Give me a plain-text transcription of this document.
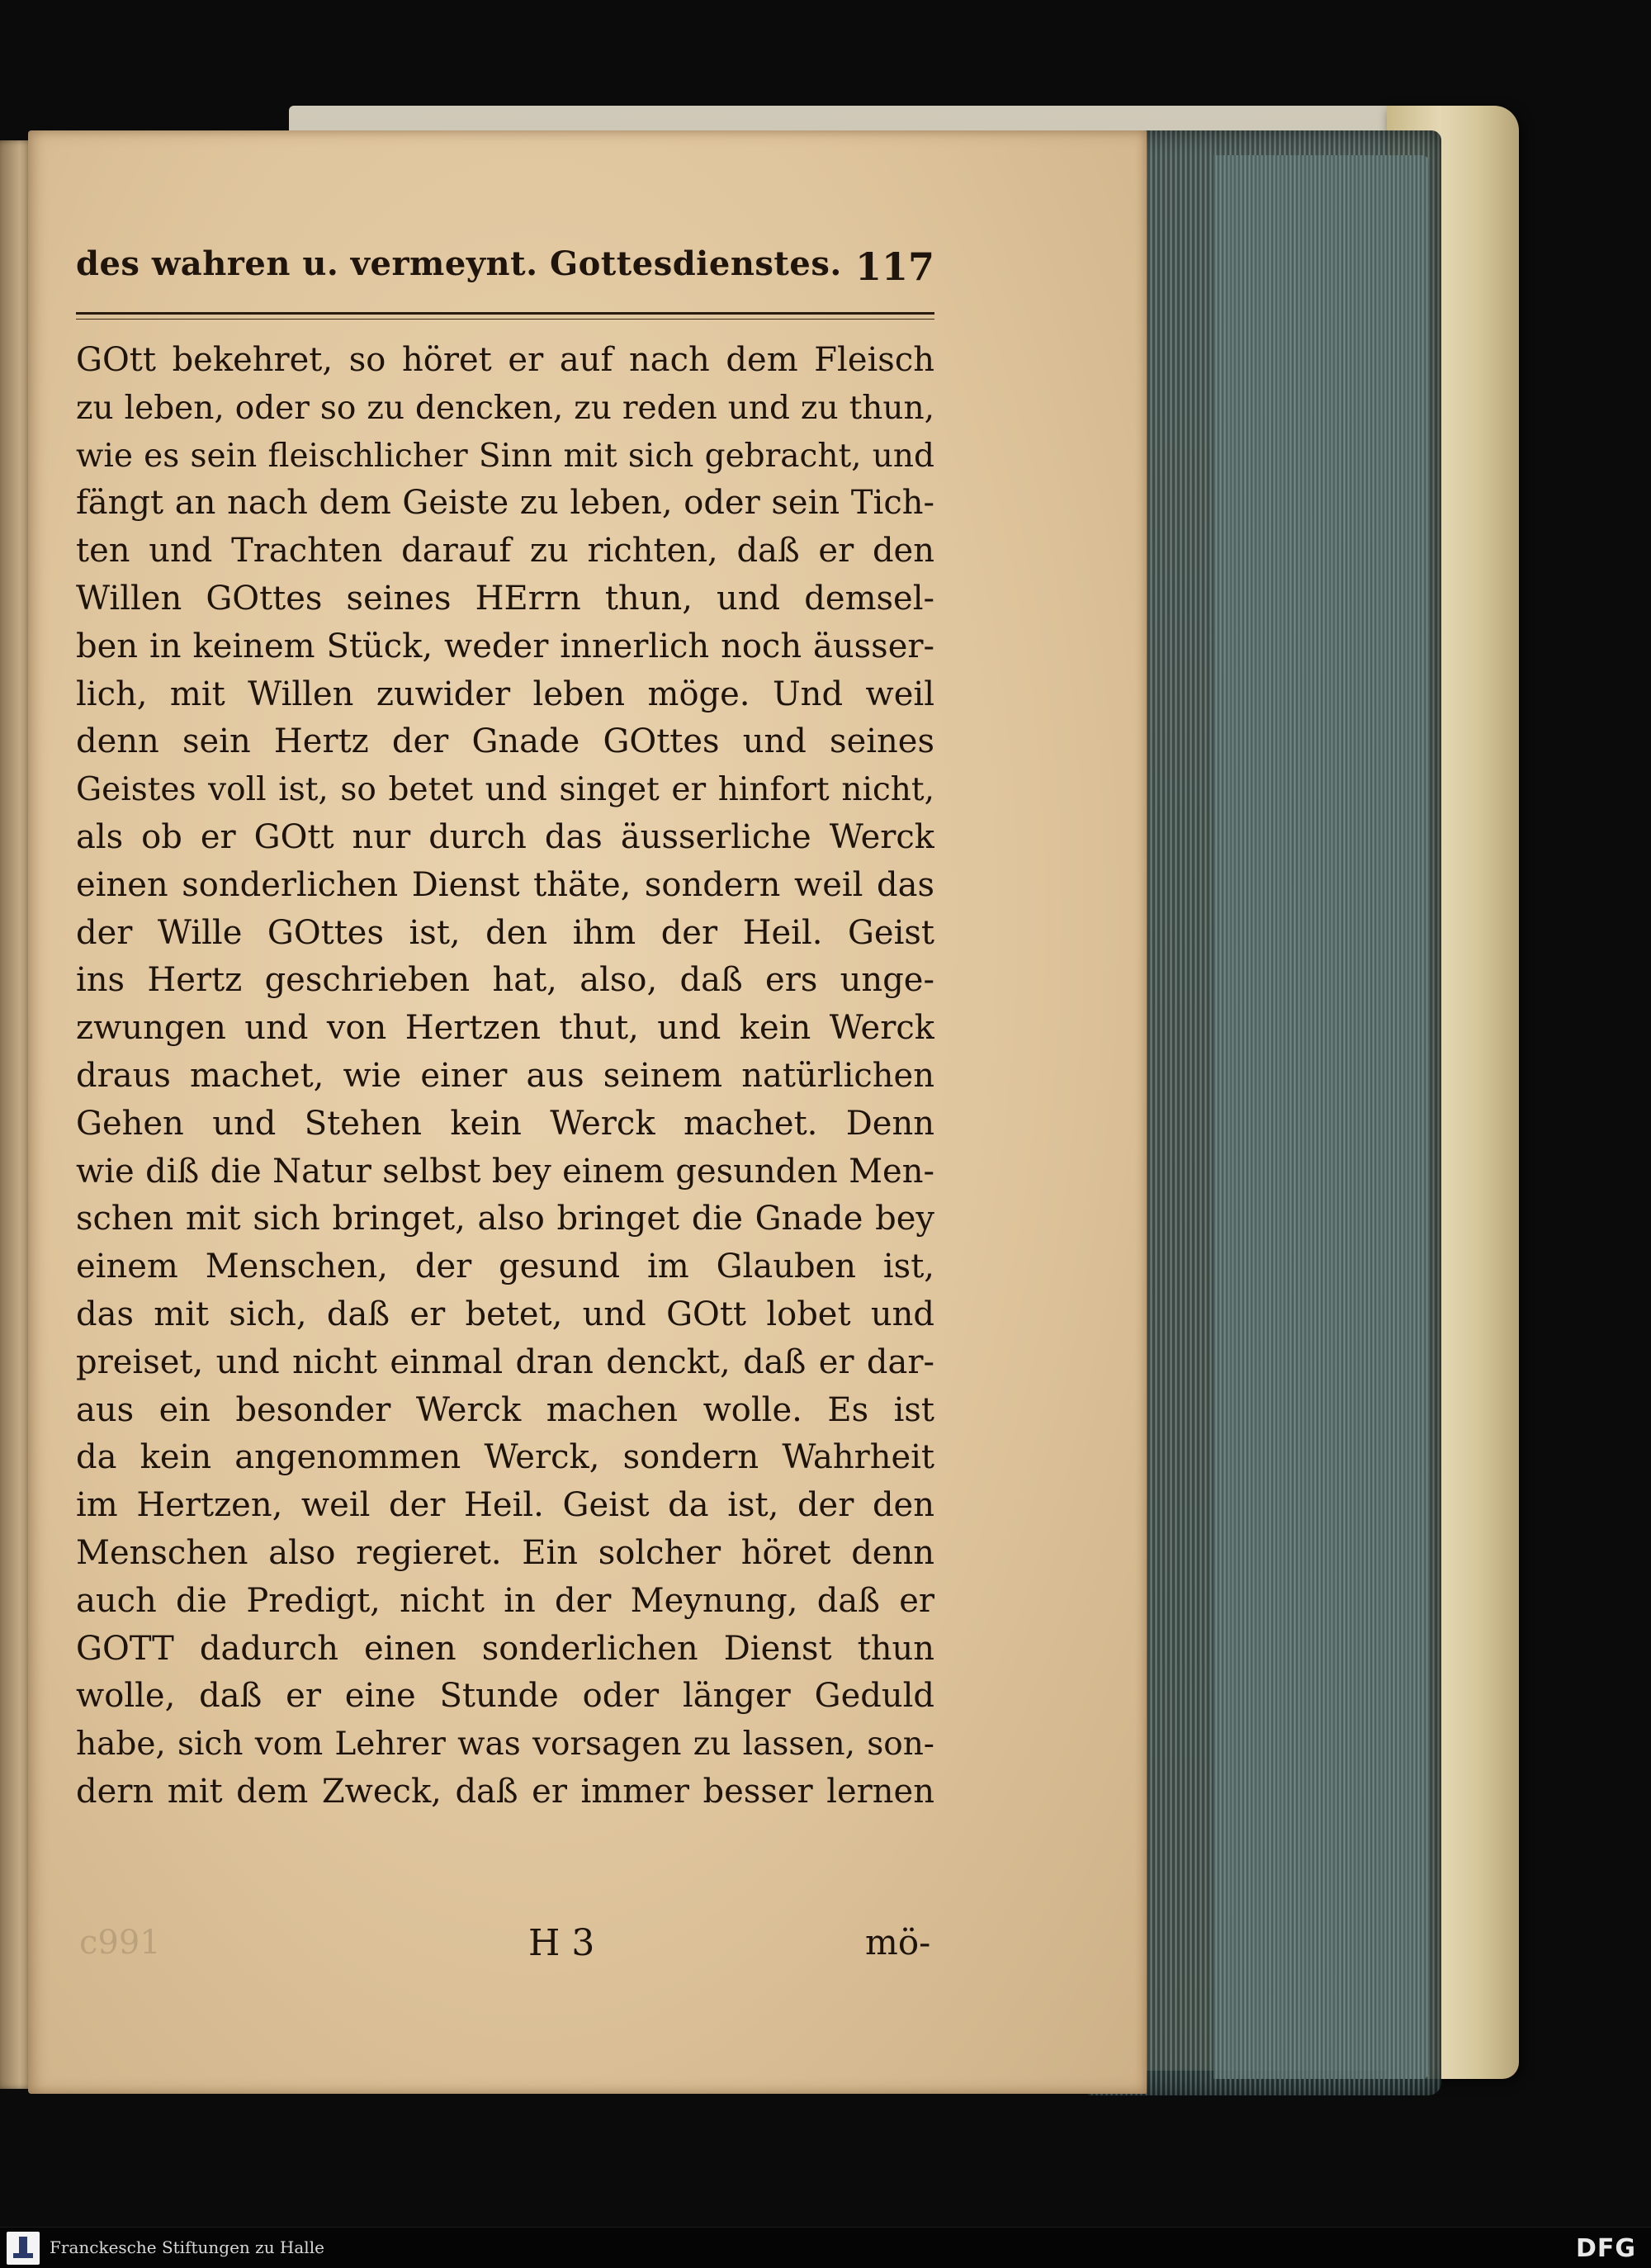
des wahren u. vermeynt. Gottesdienstes. 117
GOtt bekehret, so höret er auf nach dem Fleisch
zu leben, oder so zu dencken, zu reden und zu thun,
wie es sein fleischlicher Sinn mit sich gebracht, und
fängt an nach dem Geiste zu leben, oder sein Tich-
ten und Trachten darauf zu richten, daß er den
Willen GOttes seines HErrn thun, und demsel-
ben in keinem Stück, weder innerlich noch äusser-
lich, mit Willen zuwider leben möge. Und weil
denn sein Hertz der Gnade GOttes und seines
Geistes voll ist, so betet und singet er hinfort nicht,
als ob er GOtt nur durch das äusserliche Werck
einen sonderlichen Dienst thäte, sondern weil das
der Wille GOttes ist, den ihm der Heil. Geist
ins Hertz geschrieben hat, also, daß ers unge-
zwungen und von Hertzen thut, und kein Werck
draus machet, wie einer aus seinem natürlichen
Gehen und Stehen kein Werck machet. Denn
wie diß die Natur selbst bey einem gesunden Men-
schen mit sich bringet, also bringet die Gnade bey
einem Menschen, der gesund im Glauben ist,
das mit sich, daß er betet, und GOtt lobet und
preiset, und nicht einmal dran denckt, daß er dar-
aus ein besonder Werck machen wolle. Es ist
da kein angenommen Werck, sondern Wahrheit
im Hertzen, weil der Heil. Geist da ist, der den
Menschen also regieret. Ein solcher höret denn
auch die Predigt, nicht in der Meynung, daß er
GOTT dadurch einen sonderlichen Dienst thun
wolle, daß er eine Stunde oder länger Geduld
habe, sich vom Lehrer was vorsagen zu lassen, son-
dern mit dem Zweck, daß er immer besser lernen
ⅽ991	H 3	mö-
Franckesche Stiftungen zu Halle	DFG
